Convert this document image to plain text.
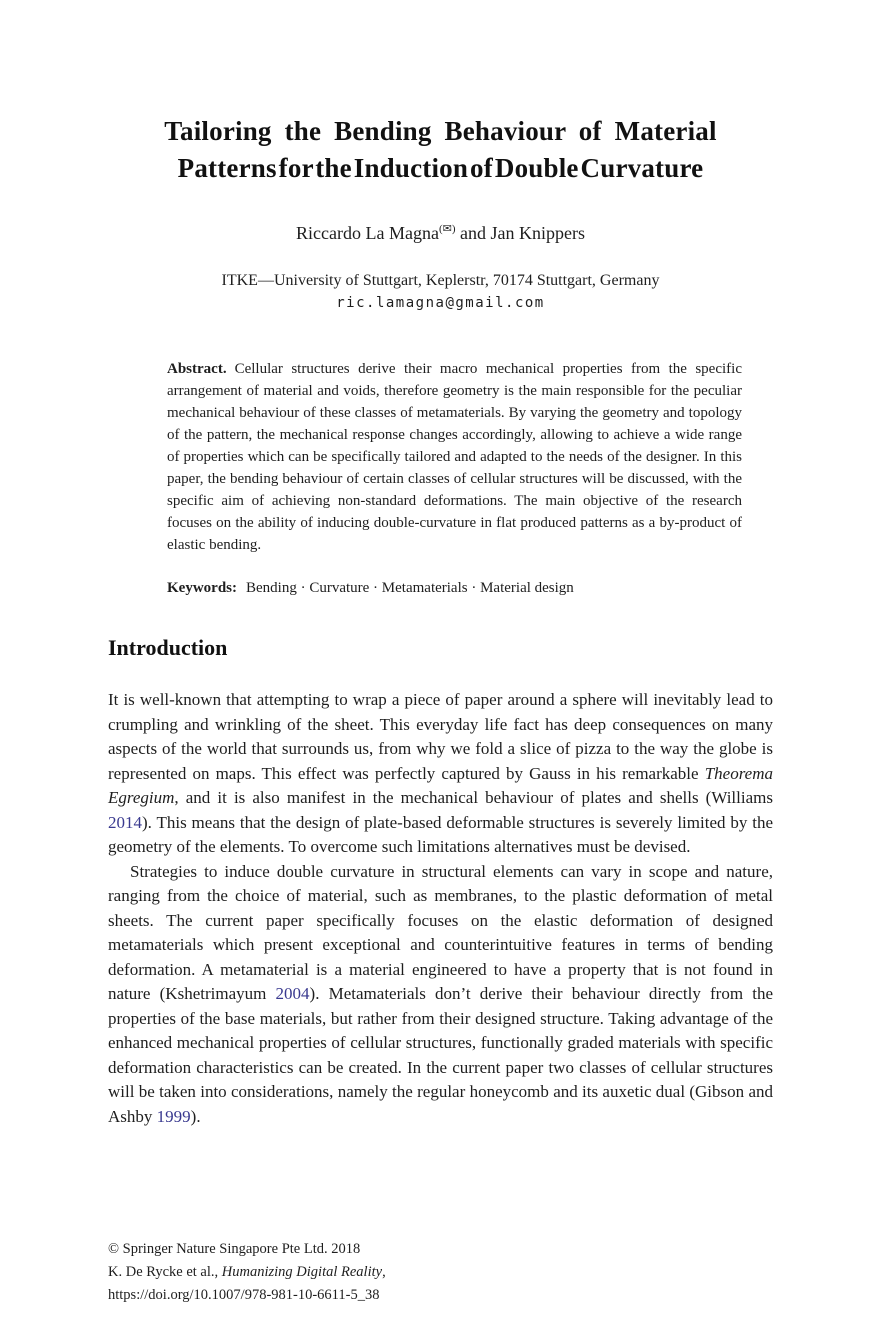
Tailoring the Bending Behaviour of Material
Patterns for the Induction of Double Curvature
Riccardo La Magna(✉) and Jan Knippers
ITKE—University of Stuttgart, Keplerstr, 70174 Stuttgart, Germany
ric.lamagna@gmail.com
Abstract. Cellular structures derive their macro mechanical properties from the specific arrangement of material and voids, therefore geometry is the main responsible for the peculiar mechanical behaviour of these classes of metamaterials. By varying the geometry and topology of the pattern, the mechanical response changes accordingly, allowing to achieve a wide range of properties which can be specifically tailored and adapted to the needs of the designer. In this paper, the bending behaviour of certain classes of cellular structures will be discussed, with the specific aim of achieving non-standard deformations. The main objective of the research focuses on the ability of inducing double-curvature in flat produced patterns as a by-product of elastic bending.
Keywords: Bending · Curvature · Metamaterials · Material design
Introduction

It is well-known that attempting to wrap a piece of paper around a sphere will inevitably lead to crumpling and wrinkling of the sheet. This everyday life fact has deep consequences on many aspects of the world that surrounds us, from why we fold a slice of pizza to the way the globe is represented on maps. This effect was perfectly captured by Gauss in his remarkable Theorema Egregium, and it is also manifest in the mechanical behaviour of plates and shells (Williams 2014). This means that the design of plate-based deformable structures is severely limited by the geometry of the elements. To overcome such limitations alternatives must be devised.

Strategies to induce double curvature in structural elements can vary in scope and nature, ranging from the choice of material, such as membranes, to the plastic deformation of metal sheets. The current paper specifically focuses on the elastic deformation of designed metamaterials which present exceptional and counterintuitive features in terms of bending deformation. A metamaterial is a material engineered to have a property that is not found in nature (Kshetrimayum 2004). Metamaterials don’t derive their behaviour directly from the properties of the base materials, but rather from their designed structure. Taking advantage of the enhanced mechanical properties of cellular structures, functionally graded materials with specific deformation characteristics can be created. In the current paper two classes of cellular structures will be taken into considerations, namely the regular honeycomb and its auxetic dual (Gibson and Ashby 1999).

© Springer Nature Singapore Pte Ltd. 2018
K. De Rycke et al., Humanizing Digital Reality,
https://doi.org/10.1007/978-981-10-6611-5_38
